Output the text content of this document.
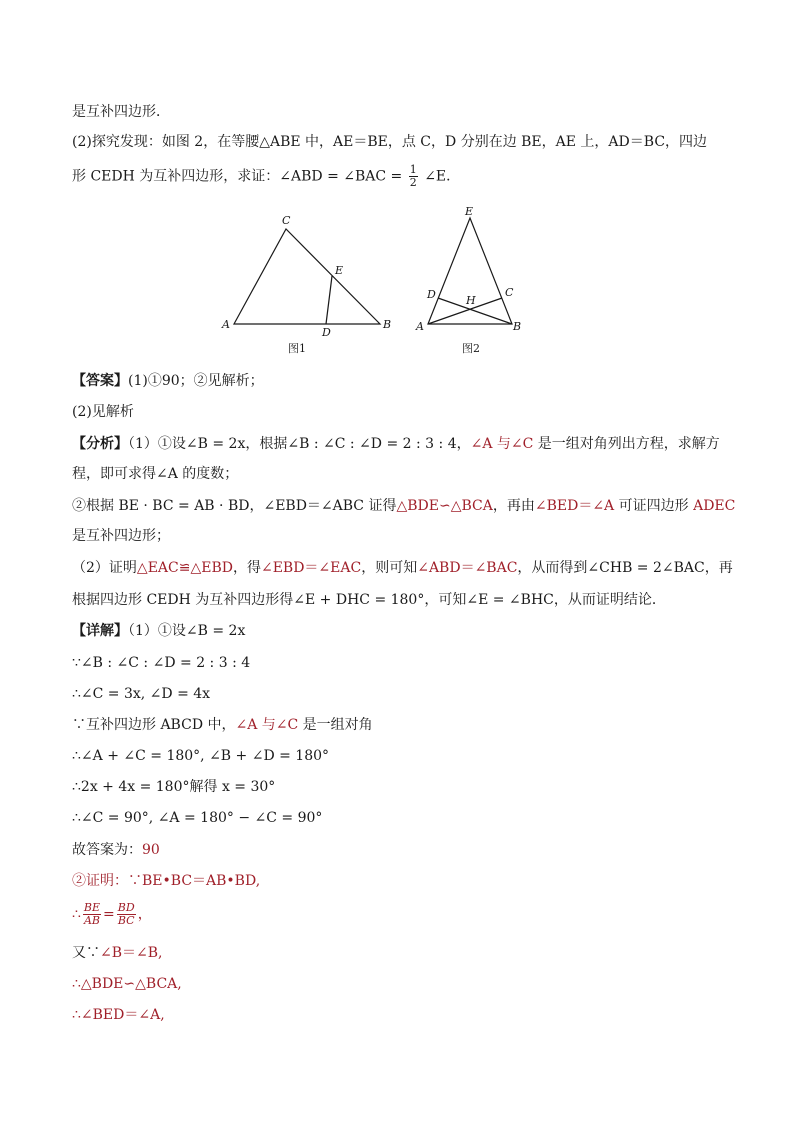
是互补四边形．
(2)探究发现：如图 2，在等腰△ABE 中，AE＝BE，点 C，D 分别在边 BE，AE 上，AD＝BC，四边
形 CEDH 为互补四边形，求证：∠ABD = ∠BAC = $\frac{1}{2}$ ∠E．
A	B
C
D
E
图1
A	B
C
D
E
H
图2
【答案】(1)①90；②见解析；
(2)见解析
【分析】（1）①设∠B = 2x，根据∠B : ∠C : ∠D = 2 : 3 : 4，∠A 与∠C 是一组对角列出方程，求解方
程，即可求得∠A 的度数；
②根据 BE · BC = AB · BD，∠EBD＝∠ABC 证得△BDE∽△BCA，再由∠BED＝∠A 可证四边形 ADEC
是互补四边形；
（2）证明△EAC≌△EBD，得∠EBD＝∠EAC，则可知∠ABD＝∠BAC，从而得到∠CHB = 2∠BAC，再
根据四边形 CEDH 为互补四边形得∠E + DHC = 180°，可知∠E = ∠BHC，从而证明结论．
【详解】（1）①设∠B = 2x
∵∠B : ∠C : ∠D = 2 : 3 : 4
∴∠C = 3x, ∠D = 4x
∵互补四边形 ABCD 中，∠A 与∠C 是一组对角
∴∠A + ∠C = 180°, ∠B + ∠D = 180°
∴2x + 4x = 180°解得 x = 30°
∴∠C = 90°, ∠A = 180° − ∠C = 90°
故答案为：90
②证明：∵BE•BC＝AB•BD,
∴ $\frac{BE}{AB} = \frac{BD}{BC}$ ，
又∵∠B＝∠B,
∴△BDE∽△BCA,
∴∠BED＝∠A,
